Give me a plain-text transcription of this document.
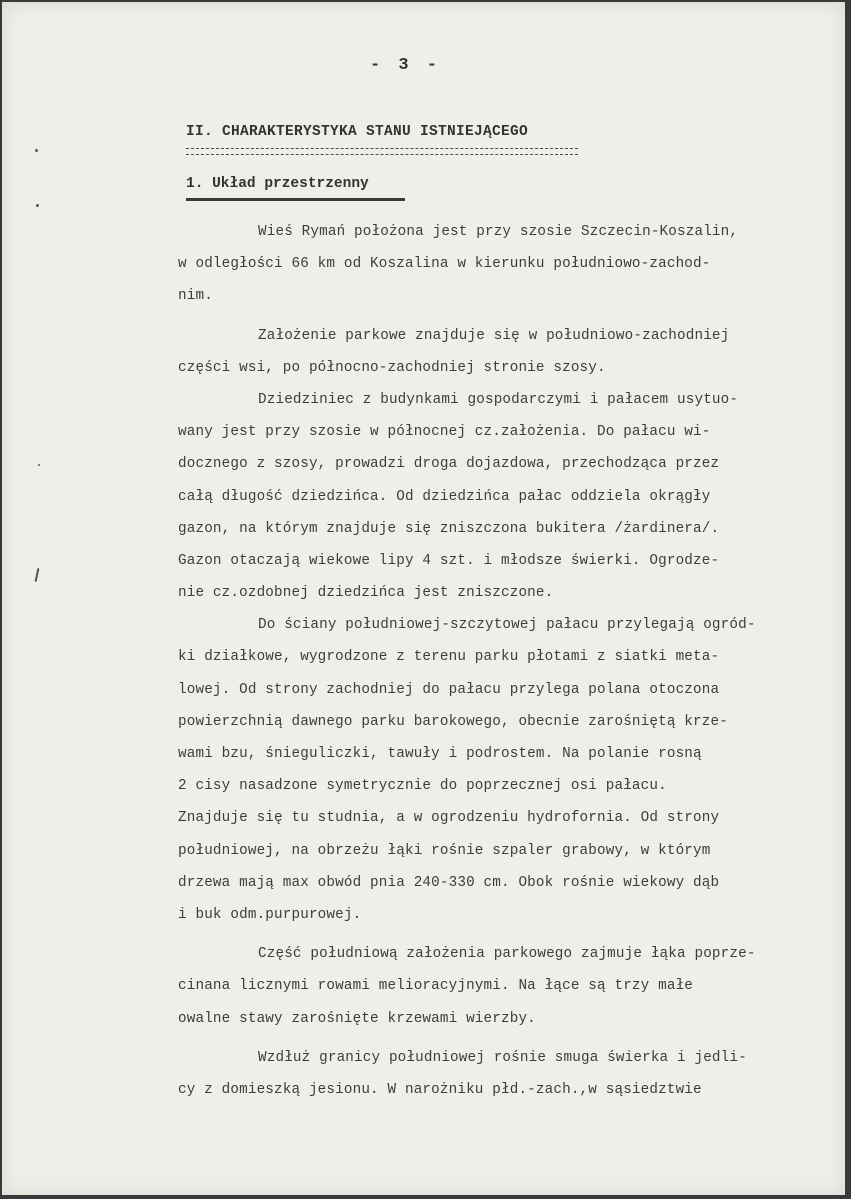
- 3 -
II. CHARAKTERYSTYKA STANU ISTNIEJĄCEGO
1. Układ przestrzenny
Wieś Rymań położona jest przy szosie Szczecin-Koszalin,
w odległości 66 km od Koszalina w kierunku południowo-zachod-
nim.
Założenie parkowe znajduje się w południowo-zachodniej
części wsi, po północno-zachodniej stronie szosy.
Dziedziniec z budynkami gospodarczymi i pałacem usytuo-
wany jest przy szosie w północnej cz.założenia. Do pałacu wi-
docznego z szosy, prowadzi droga dojazdowa, przechodząca przez
całą długość dziedzińca. Od dziedzińca pałac oddziela okrągły
gazon, na którym znajduje się zniszczona bukitera /żardinera/.
Gazon otaczają wiekowe lipy 4 szt. i młodsze świerki. Ogrodze-
nie cz.ozdobnej dziedzińca jest zniszczone.
Do ściany południowej-szczytowej pałacu przylegają ogród-
ki działkowe, wygrodzone z terenu parku płotami z siatki meta-
lowej. Od strony zachodniej do pałacu przylega polana otoczona
powierzchnią dawnego parku barokowego, obecnie zarośniętą krze-
wami bzu, śnieguliczki, tawuły i podrostem. Na polanie rosną
2 cisy nasadzone symetrycznie do poprzecznej osi pałacu.
Znajduje się tu studnia, a w ogrodzeniu hydrofornia. Od strony
południowej, na obrzeżu łąki rośnie szpaler grabowy, w którym
drzewa mają max obwód pnia 240-330 cm. Obok rośnie wiekowy dąb
i buk odm.purpurowej.
Część południową założenia parkowego zajmuje łąka poprze-
cinana licznymi rowami melioracyjnymi. Na łące są trzy małe
owalne stawy zarośnięte krzewami wierzby.
Wzdłuż granicy południowej rośnie smuga świerka i jedli-
cy z domieszką jesionu. W narożniku płd.-zach.,w sąsiedztwie
